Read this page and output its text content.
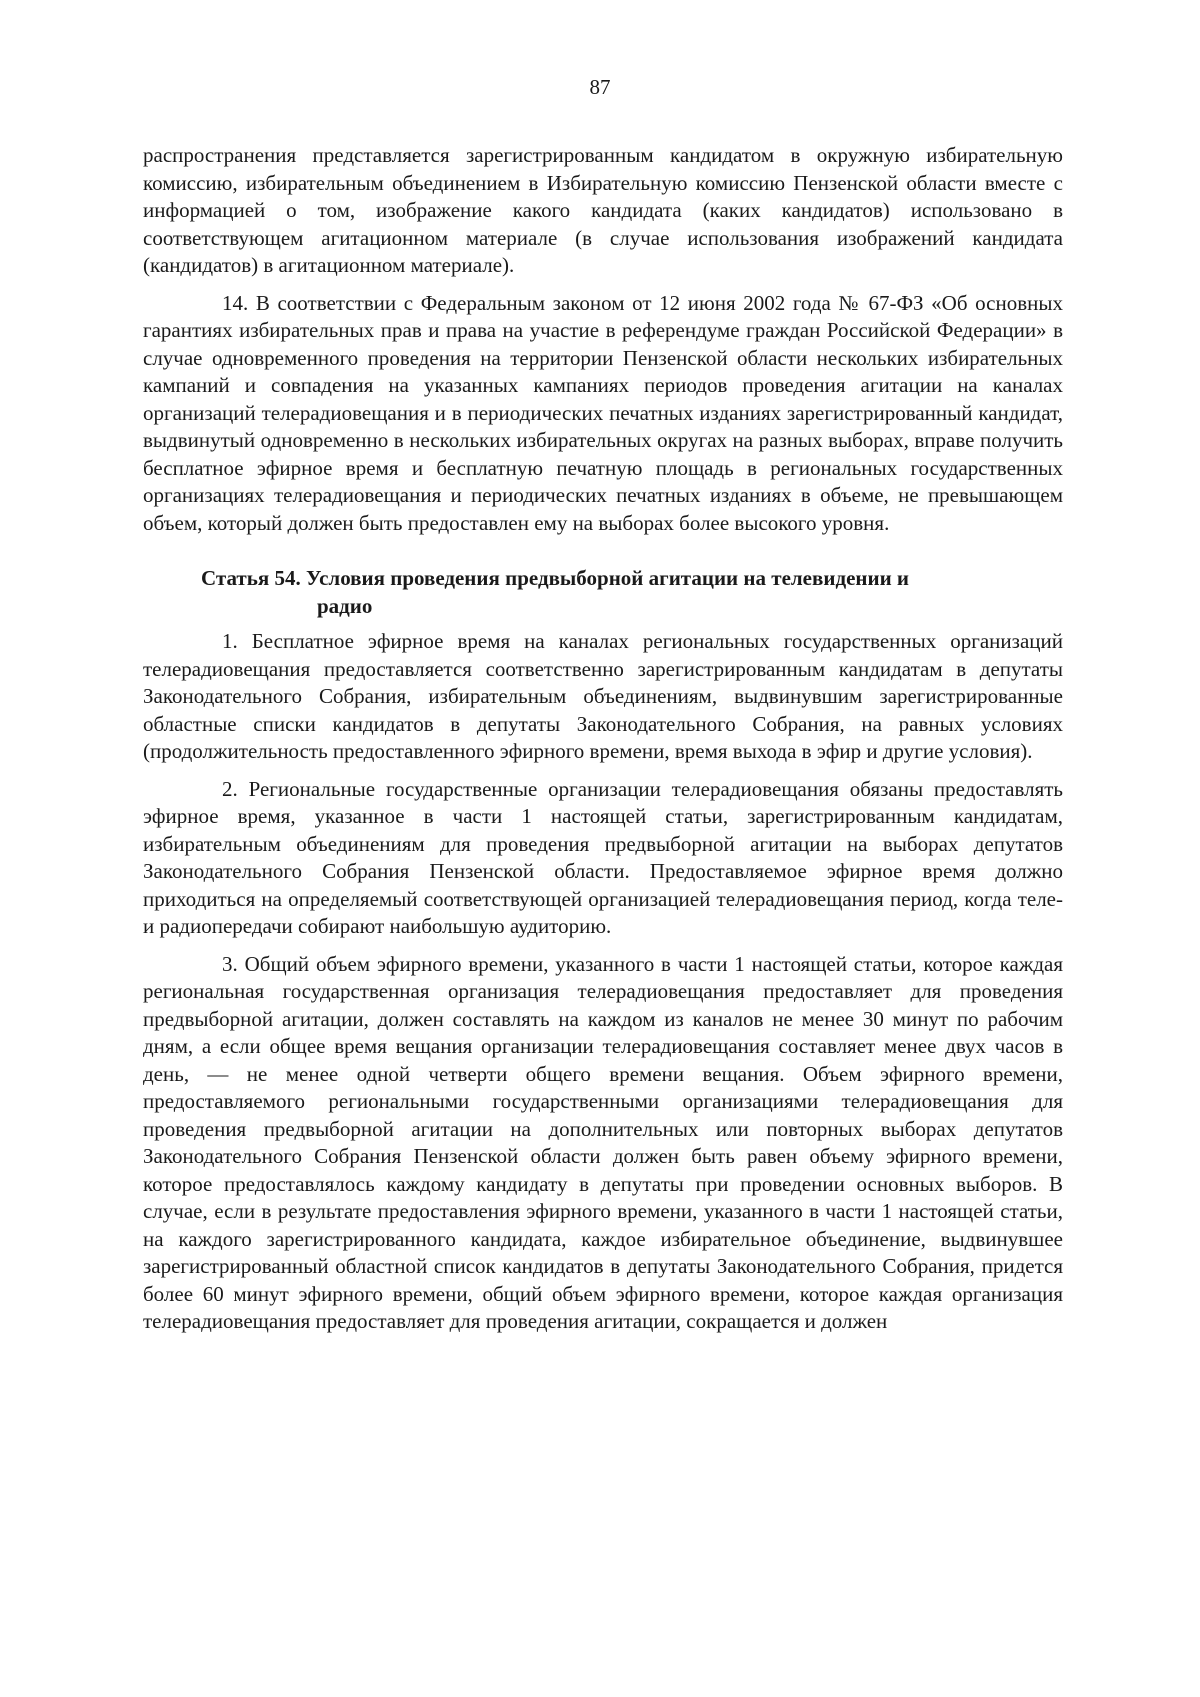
87

распространения представляется зарегистрированным кандидатом в окружную избирательную комиссию, избирательным объединением в Избирательную комиссию Пензенской области вместе с информацией о том, изображение какого кандидата (каких кандидатов) использовано в соответствующем агитационном материале (в случае использования изображений кандидата (кандидатов) в агитационном материале).

14. В соответствии с Федеральным законом от 12 июня 2002 года № 67-ФЗ «Об основных гарантиях избирательных прав и права на участие в референдуме граждан Российской Федерации» в случае одновременного проведения на территории Пензенской области нескольких избирательных кампаний и совпадения на указанных кампаниях периодов проведения агитации на каналах организаций телерадиовещания и в периодических печатных изданиях зарегистрированный кандидат, выдвинутый одновременно в нескольких избирательных округах на разных выборах, вправе получить бесплатное эфирное время и бесплатную печатную площадь в региональных государственных организациях телерадиовещания и периодических печатных изданиях в объеме, не превышающем объем, который должен быть предоставлен ему на выборах более высокого уровня.

Статья 54. Условия проведения предвыборной агитации на телевидении и
радио

1. Бесплатное эфирное время на каналах региональных государственных организаций телерадиовещания предоставляется соответственно зарегистрированным кандидатам в депутаты Законодательного Собрания, избирательным объединениям, выдвинувшим зарегистрированные областные списки кандидатов в депутаты Законодательного Собрания, на равных условиях (продолжительность предоставленного эфирного времени, время выхода в эфир и другие условия).

2. Региональные государственные организации телерадиовещания обязаны предоставлять эфирное время, указанное в части 1 настоящей статьи, зарегистрированным кандидатам, избирательным объединениям для проведения предвыборной агитации на выборах депутатов Законодательного Собрания Пензенской области. Предоставляемое эфирное время должно приходиться на определяемый соответствующей организацией телерадиовещания период, когда теле- и радиопередачи собирают наибольшую аудиторию.

3. Общий объем эфирного времени, указанного в части 1 настоящей статьи, которое каждая региональная государственная организация телерадиовещания предоставляет для проведения предвыборной агитации, должен составлять на каждом из каналов не менее 30 минут по рабочим дням, а если общее время вещания организации телерадиовещания составляет менее двух часов в день, — не менее одной четверти общего времени вещания. Объем эфирного времени, предоставляемого региональными государственными организациями телерадиовещания для проведения предвыборной агитации на дополнительных или повторных выборах депутатов Законодательного Собрания Пензенской области должен быть равен объему эфирного времени, которое предоставлялось каждому кандидату в депутаты при проведении основных выборов. В случае, если в результате предоставления эфирного времени, указанного в части 1 настоящей статьи, на каждого зарегистрированного кандидата, каждое избирательное объединение, выдвинувшее зарегистрированный областной список кандидатов в депутаты Законодательного Собрания, придется более 60 минут эфирного времени, общий объем эфирного времени, которое каждая организация телерадиовещания предоставляет для проведения агитации, сокращается и должен
